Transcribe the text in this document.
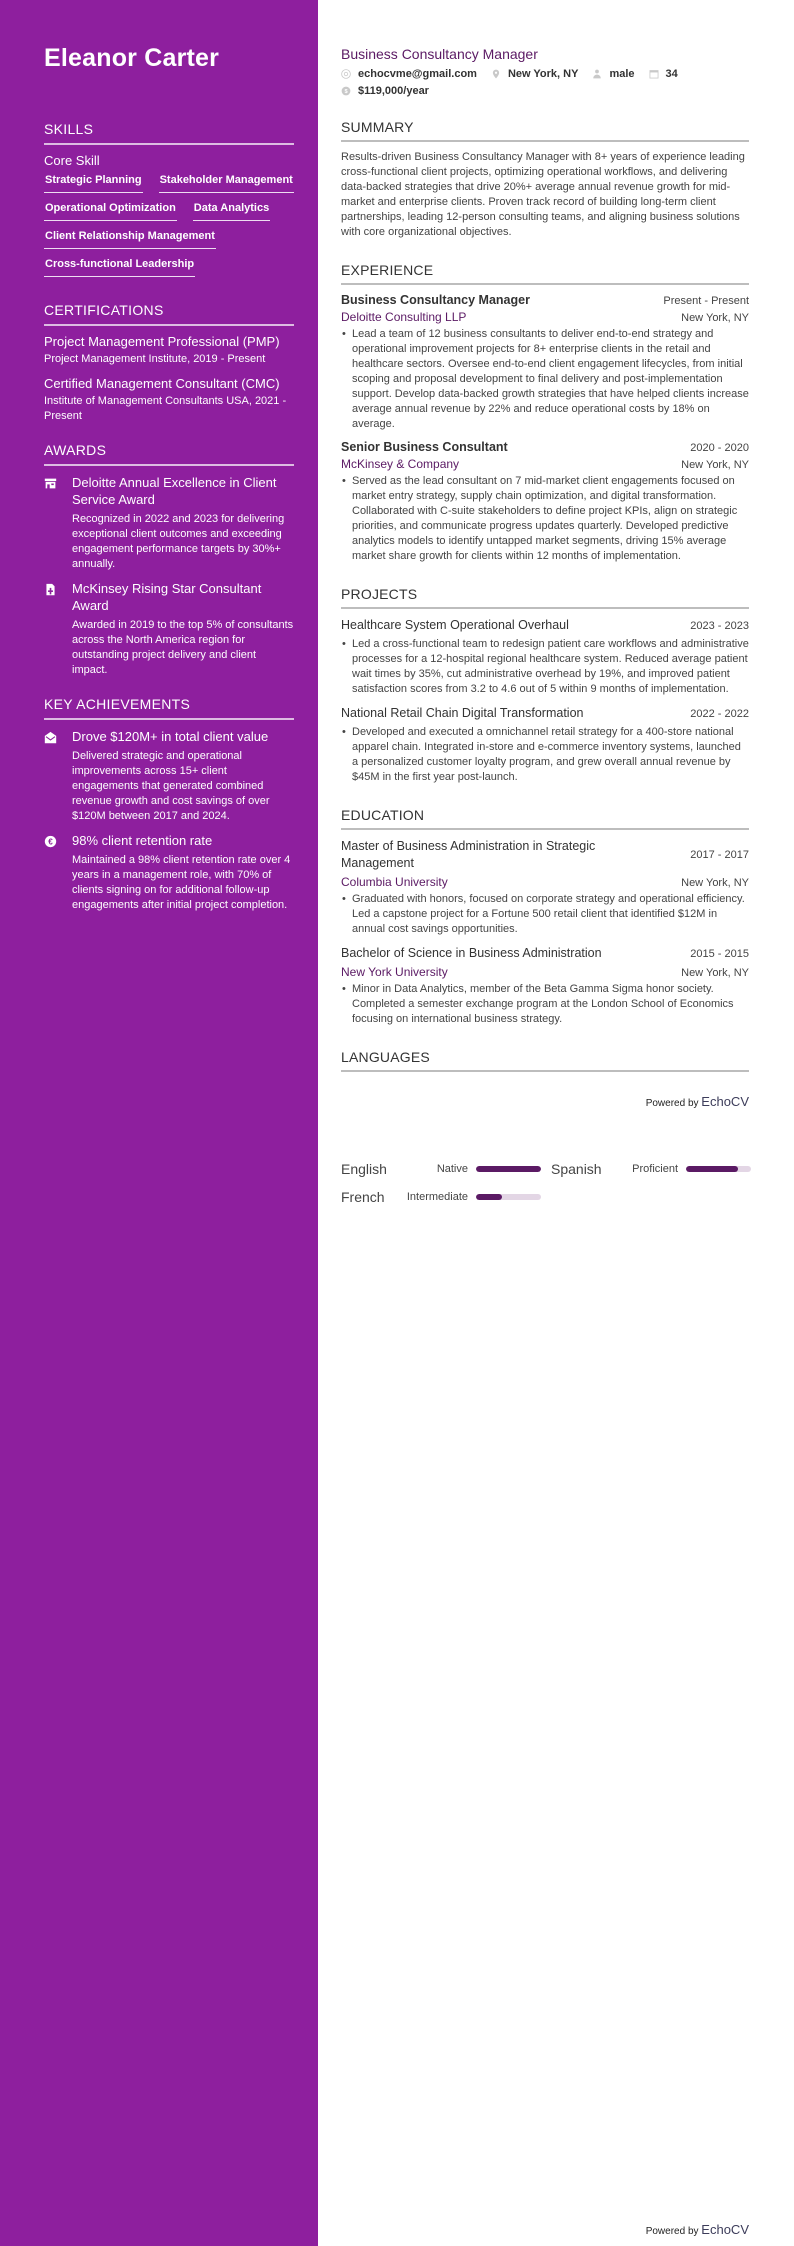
Eleanor Carter
SKILLS
Core Skill
Strategic Planning Stakeholder Management
Operational Optimization Data Analytics
Client Relationship Management
Cross-functional Leadership
CERTIFICATIONS
Project Management Professional (PMP)
Project Management Institute, 2019 - Present
Certified Management Consultant (CMC)
Institute of Management Consultants USA, 2021 - Present
AWARDS
Deloitte Annual Excellence in Client Service Award
Recognized in 2022 and 2023 for delivering exceptional client outcomes and exceeding engagement performance targets by 30%+ annually.
McKinsey Rising Star Consultant Award
Awarded in 2019 to the top 5% of consultants across the North America region for outstanding project delivery and client impact.
KEY ACHIEVEMENTS
Drove $120M+ in total client value
Delivered strategic and operational improvements across 15+ client engagements that generated combined revenue growth and cost savings of over $120M between 2017 and 2024.
€ 98% client retention rate
Maintained a 98% client retention rate over 4 years in a management role, with 70% of clients signing on for additional follow-up engagements after initial project completion.
Business Consultancy Manager
echocvme@gmail.com	New York, NY	male	34
$ $119,000/year
SUMMARY

Results-driven Business Consultancy Manager with 8+ years of experience leading cross-functional client projects, optimizing operational workflows, and delivering data-backed strategies that drive 20%+ average annual revenue growth for mid-market and enterprise clients. Proven track record of building long-term client partnerships, leading 12-person consulting teams, and aligning business solutions with core organizational objectives.

EXPERIENCE
Business Consultancy Manager	Present - Present
Deloitte Consulting LLP	New York, NY
• Lead a team of 12 business consultants to deliver end-to-end strategy and operational improvement projects for 8+ enterprise clients in the retail and healthcare sectors. Oversee end-to-end client engagement lifecycles, from initial scoping and proposal development to final delivery and post-implementation support. Develop data-backed growth strategies that have helped clients increase average annual revenue by 22% and reduce operational costs by 18% on average.
Senior Business Consultant	2020 - 2020
McKinsey & Company	New York, NY
• Served as the lead consultant on 7 mid-market client engagements focused on market entry strategy, supply chain optimization, and digital transformation. Collaborated with C-suite stakeholders to define project KPIs, align on strategic priorities, and communicate progress updates quarterly. Developed predictive analytics models to identify untapped market segments, driving 15% average market share growth for clients within 12 months of implementation.
PROJECTS
Healthcare System Operational Overhaul	2023 - 2023
• Led a cross-functional team to redesign patient care workflows and administrative processes for a 12-hospital regional healthcare system. Reduced average patient wait times by 35%, cut administrative overhead by 19%, and improved patient satisfaction scores from 3.2 to 4.6 out of 5 within 9 months of implementation.
National Retail Chain Digital Transformation	2022 - 2022
• Developed and executed a omnichannel retail strategy for a 400-store national apparel chain. Integrated in-store and e-commerce inventory systems, launched a personalized customer loyalty program, and grew overall annual revenue by $45M in the first year post-launch.
EDUCATION
Master of Business Administration in Strategic Management
2017 - 2017
Columbia University	New York, NY
• Graduated with honors, focused on corporate strategy and operational efficiency. Led a capstone project for a Fortune 500 retail client that identified $12M in annual cost savings opportunities.
Bachelor of Science in Business Administration	2015 - 2015
New York University	New York, NY
• Minor in Data Analytics, member of the Beta Gamma Sigma honor society. Completed a semester exchange program at the London School of Economics focusing on international business strategy.
LANGUAGES
Powered by EchoCV
English	Native	Spanish	Proficient
French	Intermediate
Powered by EchoCV
